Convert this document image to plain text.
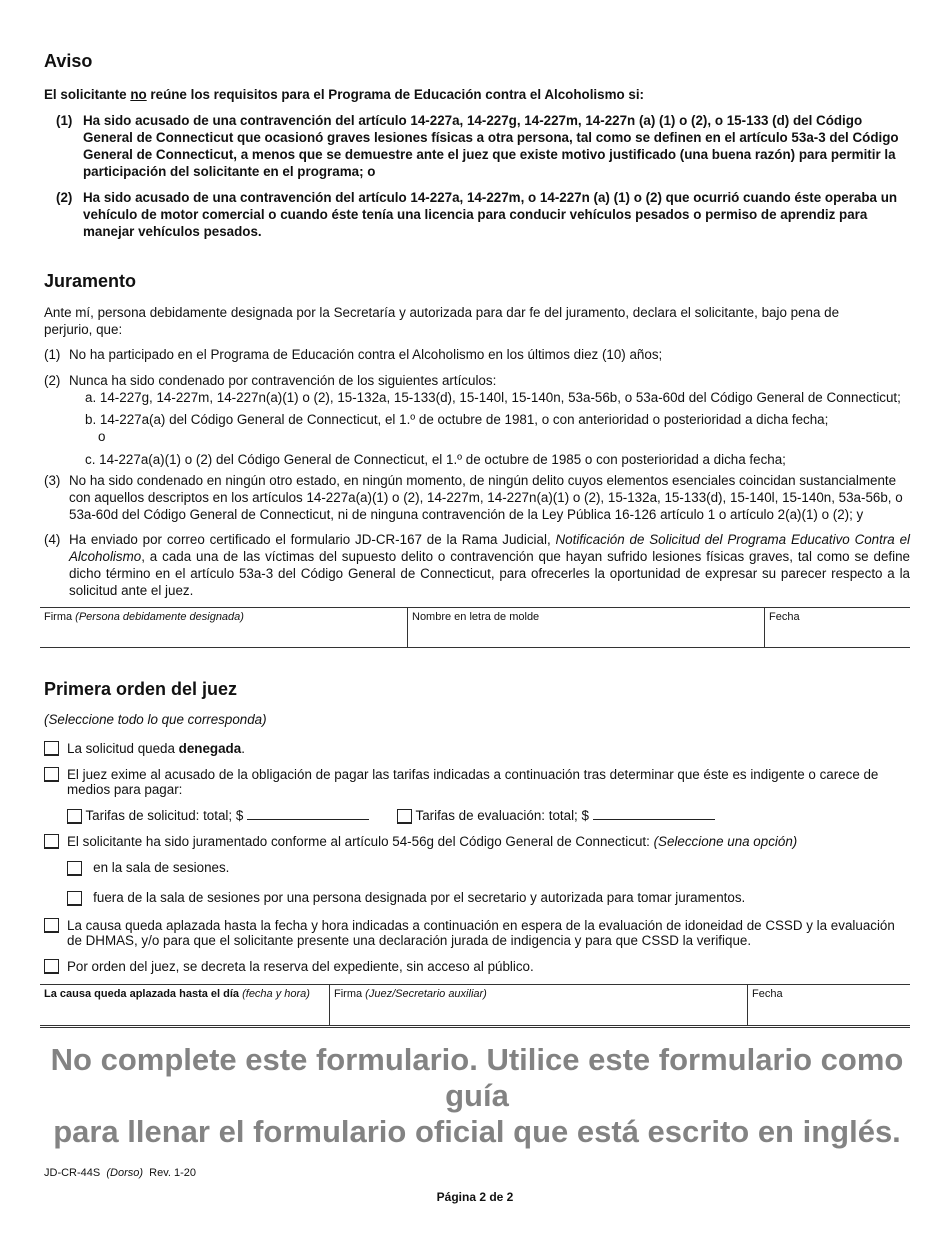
Aviso
El solicitante no reúne los requisitos para el Programa de Educación contra el Alcoholismo si:
(1) Ha sido acusado de una contravención del artículo 14-227a, 14-227g, 14-227m, 14-227n (a) (1) o (2), o 15-133 (d) del Código General de Connecticut que ocasionó graves lesiones físicas a otra persona, tal como se definen en el artículo 53a-3 del Código General de Connecticut, a menos que se demuestre ante el juez que existe motivo justificado (una buena razón) para permitir la participación del solicitante en el programa; o
(2) Ha sido acusado de una contravención del artículo 14-227a, 14-227m, o 14-227n (a) (1) o (2) que ocurrió cuando éste operaba un vehículo de motor comercial o cuando éste tenía una licencia para conducir vehículos pesados o permiso de aprendiz para manejar vehículos pesados.
Juramento
Ante mí, persona debidamente designada por la Secretaría y autorizada para dar fe del juramento, declara el solicitante, bajo pena de perjurio, que:
(1) No ha participado en el Programa de Educación contra el Alcoholismo en los últimos diez (10) años;
(2) Nunca ha sido condenado por contravención de los siguientes artículos:
a. 14-227g, 14-227m, 14-227n(a)(1) o (2), 15-132a, 15-133(d), 15-140l, 15-140n, 53a-56b, o 53a-60d del Código General de Connecticut;
b. 14-227a(a) del Código General de Connecticut, el 1.º de octubre de 1981, o con anterioridad o posterioridad a dicha fecha; o
c. 14-227a(a)(1) o (2) del Código General de Connecticut, el 1.º de octubre de 1985 o con posterioridad a dicha fecha;
(3) No ha sido condenado en ningún otro estado, en ningún momento, de ningún delito cuyos elementos esenciales coincidan sustancialmente con aquellos descriptos en los artículos 14-227a(a)(1) o (2), 14-227m, 14-227n(a)(1) o (2), 15-132a, 15-133(d), 15-140l, 15-140n, 53a-56b, o 53a-60d del Código General de Connecticut, ni de ninguna contravención de la Ley Pública 16-126 artículo 1 o artículo 2(a)(1) o (2); y
(4) Ha enviado por correo certificado el formulario JD-CR-167 de la Rama Judicial, Notificación de Solicitud del Programa Educativo Contra el Alcoholismo, a cada una de las víctimas del supuesto delito o contravención que hayan sufrido lesiones físicas graves, tal como se define dicho término en el artículo 53a-3 del Código General de Connecticut, para ofrecerles la oportunidad de expresar su parecer respecto a la solicitud ante el juez.
Firma (Persona debidamente designada)	Nombre en letra de molde	Fecha
Primera orden del juez
(Seleccione todo lo que corresponda)
La solicitud queda denegada.
El juez exime al acusado de la obligación de pagar las tarifas indicadas a continuación tras determinar que éste es indigente o carece de medios para pagar:
Tarifas de solicitud: total; $	Tarifas de evaluación: total; $
El solicitante ha sido juramentado conforme al artículo 54-56g del Código General de Connecticut: (Seleccione una opción)
en la sala de sesiones.
fuera de la sala de sesiones por una persona designada por el secretario y autorizada para tomar juramentos.
La causa queda aplazada hasta la fecha y hora indicadas a continuación en espera de la evaluación de idoneidad de CSSD y la evaluación de DHMAS, y/o para que el solicitante presente una declaración jurada de indigencia y para que CSSD la verifique.
Por orden del juez, se decreta la reserva del expediente, sin acceso al público.
La causa queda aplazada hasta el día (fecha y hora)	Firma (Juez/Secretario auxiliar)	Fecha
No complete este formulario. Utilice este formulario como guía
para llenar el formulario oficial que está escrito en inglés.
JD-CR-44S (Dorso) Rev. 1-20
Página 2 de 2
